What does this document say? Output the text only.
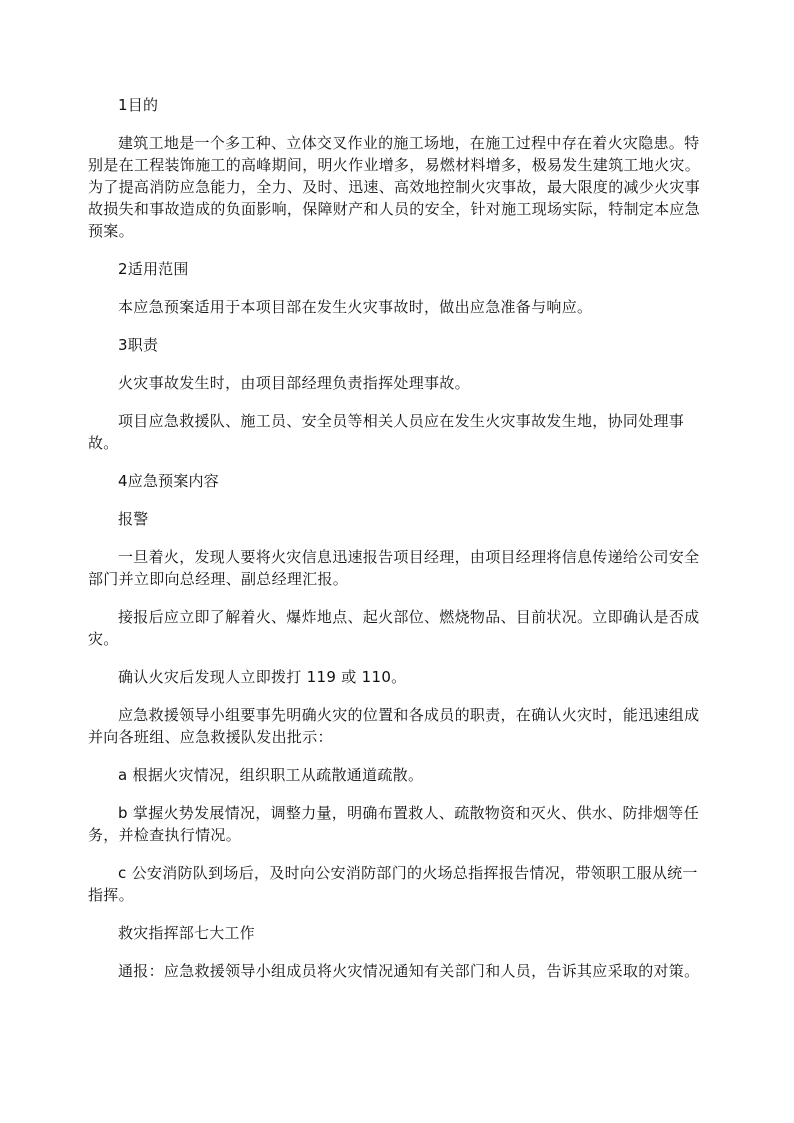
1目的

建筑工地是一个多工种、立体交叉作业的施工场地，在施工过程中存在着火灾隐患。特别是在工程装饰施工的高峰期间，明火作业增多，易燃材料增多，极易发生建筑工地火灾。为了提高消防应急能力，全力、及时、迅速、高效地控制火灾事故，最大限度的减少火灾事故损失和事故造成的负面影响，保障财产和人员的安全，针对施工现场实际，特制定本应急预案。

2适用范围

本应急预案适用于本项目部在发生火灾事故时，做出应急准备与响应。

3职责

火灾事故发生时，由项目部经理负责指挥处理事故。

项目应急救援队、施工员、安全员等相关人员应在发生火灾事故发生地，协同处理事故。

4应急预案内容

报警

一旦着火，发现人要将火灾信息迅速报告项目经理，由项目经理将信息传递给公司安全部门并立即向总经理、副总经理汇报。

接报后应立即了解着火、爆炸地点、起火部位、燃烧物品、目前状况。立即确认是否成灾。

确认火灾后发现人立即拨打 119 或 110。

应急救援领导小组要事先明确火灾的位置和各成员的职责，在确认火灾时，能迅速组成并向各班组、应急救援队发出批示：

a 根据火灾情况，组织职工从疏散通道疏散。

b 掌握火势发展情况，调整力量，明确布置救人、疏散物资和灭火、供水、防排烟等任务，并检查执行情况。

c 公安消防队到场后，及时向公安消防部门的火场总指挥报告情况，带领职工服从统一指挥。

救灾指挥部七大工作

通报：应急救援领导小组成员将火灾情况通知有关部门和人员，告诉其应采取的对策。
